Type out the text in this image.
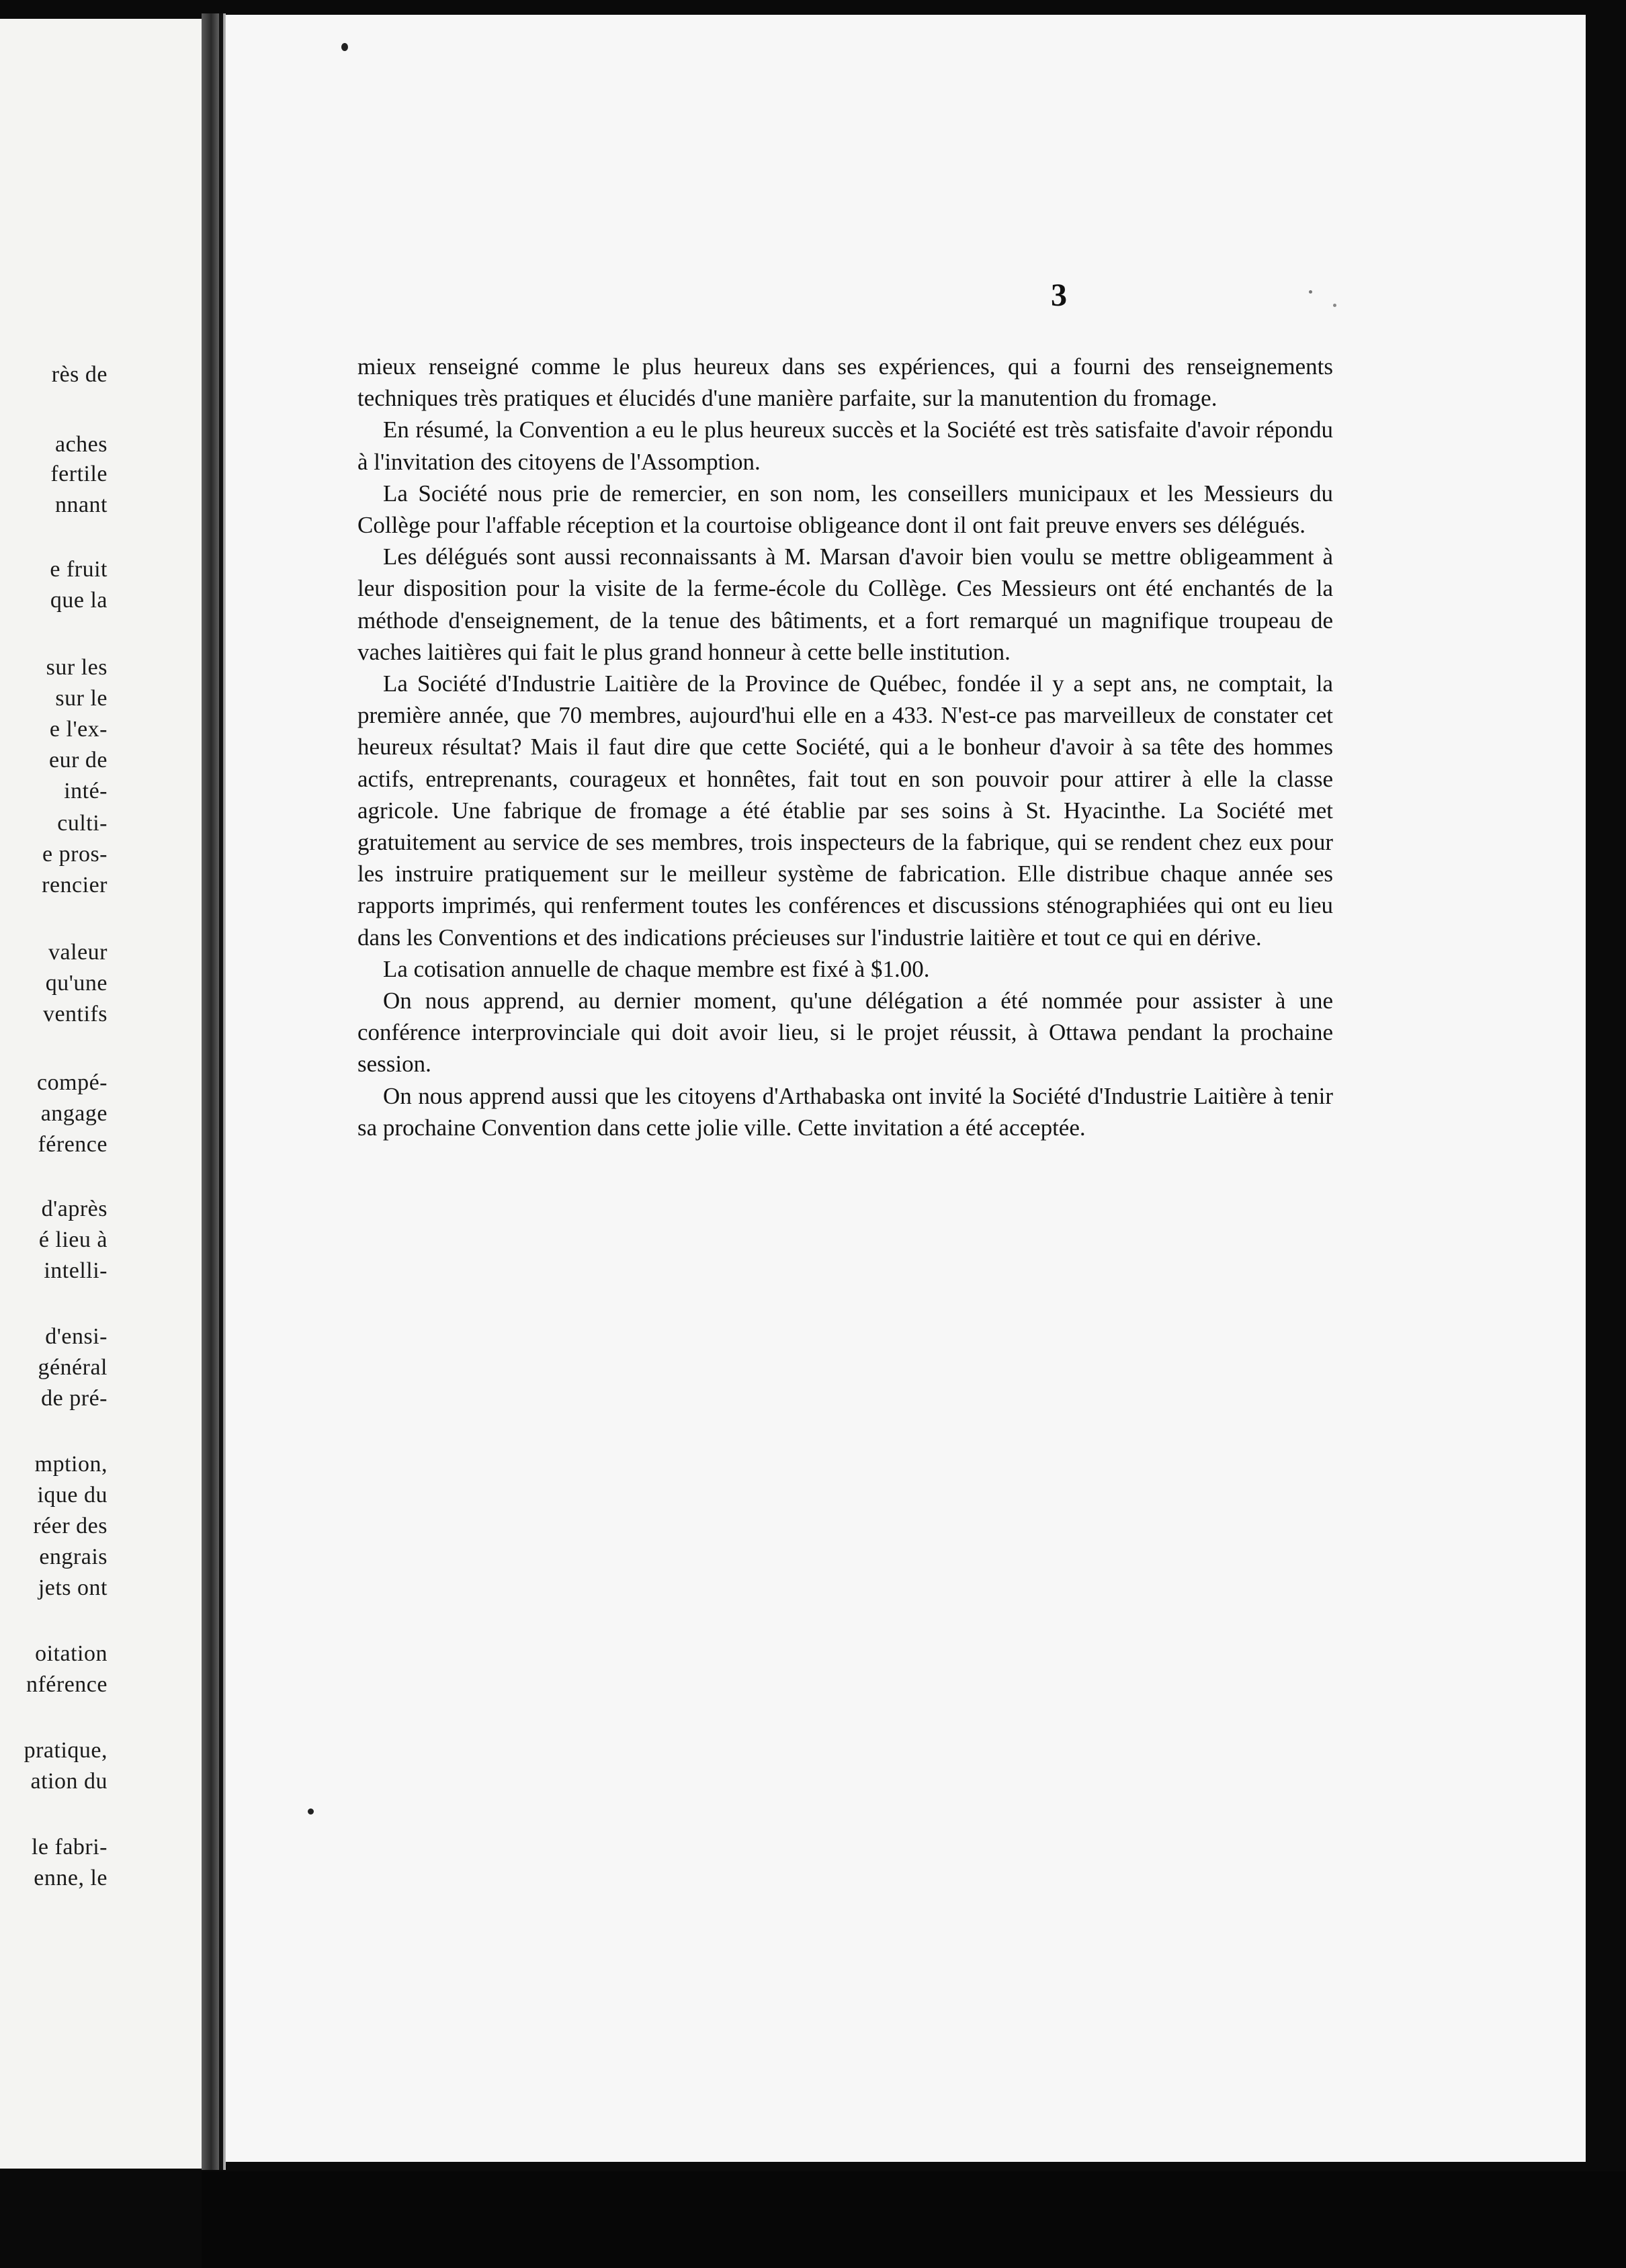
rès de
aches
fertile
nnant
e fruit
que la
sur les
sur le
e l'ex-
eur de
inté-
culti-
e pros-
rencier
valeur
qu'une
ventifs
compé-
angage
férence
d'après
é lieu à
intelli-
d'ensi-
général
de pré-
mption,
ique du
réer des
engrais
jets ont
oitation
nférence
pratique,
ation du
le fabri-
enne, le
3

mieux renseigné comme le plus heureux dans ses expériences, qui a fourni des renseignements techniques très pratiques et élucidés d'une manière parfaite, sur la manutention du fromage.

En résumé, la Convention a eu le plus heureux succès et la Société est très satisfaite d'avoir répondu à l'invitation des citoyens de l'Assomption.

La Société nous prie de remercier, en son nom, les conseillers municipaux et les Messieurs du Collège pour l'affable réception et la courtoise obligeance dont il ont fait preuve envers ses délégués.

Les délégués sont aussi reconnaissants à M. Marsan d'avoir bien voulu se mettre obligeamment à leur disposition pour la visite de la ferme-école du Collège. Ces Messieurs ont été enchantés de la méthode d'enseignement, de la tenue des bâtiments, et a fort remarqué un magnifique troupeau de vaches laitières qui fait le plus grand honneur à cette belle institution.

La Société d'Industrie Laitière de la Province de Québec, fondée il y a sept ans, ne comptait, la première année, que 70 membres, aujourd'hui elle en a 433. N'est-ce pas marveilleux de constater cet heureux résultat? Mais il faut dire que cette Société, qui a le bonheur d'avoir à sa tête des hommes actifs, entreprenants, courageux et honnêtes, fait tout en son pouvoir pour attirer à elle la classe agricole. Une fabrique de fromage a été établie par ses soins à St. Hyacinthe. La Société met gratuitement au service de ses membres, trois inspecteurs de la fabrique, qui se rendent chez eux pour les instruire pratiquement sur le meilleur système de fabrication. Elle distribue chaque année ses rapports imprimés, qui renferment toutes les conférences et discussions sténographiées qui ont eu lieu dans les Conventions et des indications précieuses sur l'industrie laitière et tout ce qui en dérive.

La cotisation annuelle de chaque membre est fixé à $1.00.

On nous apprend, au dernier moment, qu'une délégation a été nommée pour assister à une conférence interprovinciale qui doit avoir lieu, si le projet réussit, à Ottawa pendant la prochaine session.

On nous apprend aussi que les citoyens d'Arthabaska ont invité la Société d'Industrie Laitière à tenir sa prochaine Convention dans cette jolie ville. Cette invitation a été acceptée.
